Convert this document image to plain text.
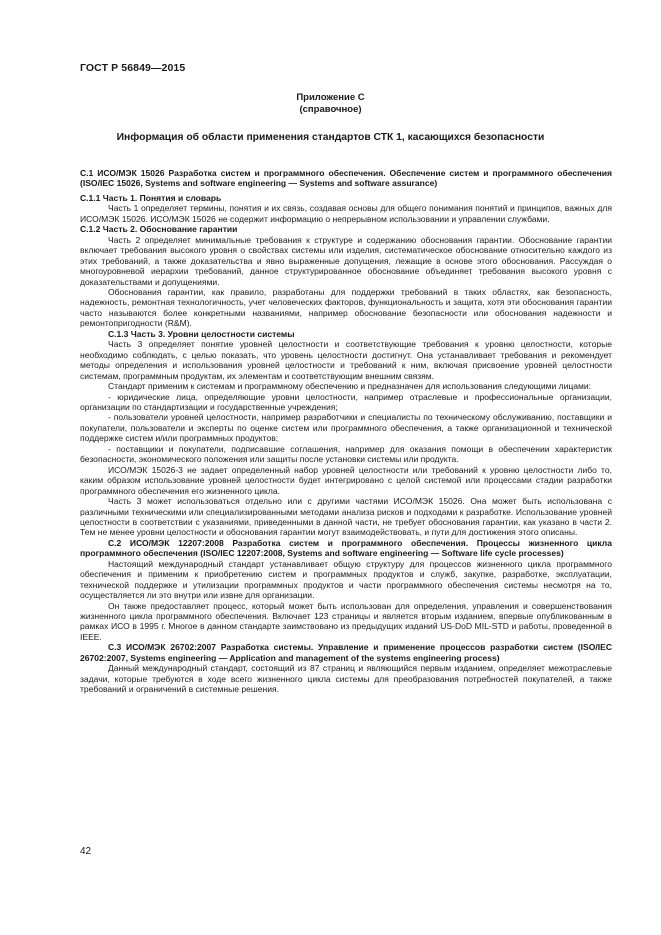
ГОСТ Р 56849—2015
Приложение С
(справочное)
Информация об области применения стандартов СТК 1, касающихся безопасности

C.1 ИСО/МЭК 15026 Разработка систем и программного обеспечения. Обеспечение систем и программного обеспечения (ISO/IEC 15026, Systems and software engineering — Systems and software assurance)

C.1.1 Часть 1. Понятия и словарь

Часть 1 определяет термины, понятия и их связь, создавая основы для общего понимания понятий и принципов, важных для ИСО/МЭК 15026. ИСО/МЭК 15026 не содержит информацию о непрерывном использовании и управлении службами.

C.1.2 Часть 2. Обоснование гарантии

Часть 2 определяет минимальные требования к структуре и содержанию обоснования гарантии. Обоснование гарантии включает требования высокого уровня о свойствах системы или изделия, систематическое обоснование относительно каждого из этих требований, а также доказательства и явно выраженные допущения, лежащие в основе этого обоснования. Рассуждая о многоуровневой иерархии требований, данное структурированное обоснование объединяет требования высокого уровня с доказательствами и допущениями.

Обоснования гарантии, как правило, разработаны для поддержки требований в таких областях, как безопасность, надежность, ремонтная технологичность, учет человеческих факторов, функциональность и защита, хотя эти обоснования гарантии часто называются более конкретными названиями, например обоснование безопасности или обоснования надежности и ремонтопригодности (R&M).

C.1.3 Часть 3. Уровни целостности системы

Часть 3 определяет понятие уровней целостности и соответствующие требования к уровню целостности, которые необходимо соблюдать, с целью показать, что уровень целостности достигнут. Она устанавливает требования и рекомендует методы определения и использования уровней целостности и требований к ним, включая присвоение уровней целостности системам, программным продуктам, их элементам и соответствующим внешним связям.

Стандарт применим к системам и программному обеспечению и предназначен для использования следующими лицами:

- юридические лица, определяющие уровни целостности, например отраслевые и профессиональные организации, организации по стандартизации и государственные учреждения;

- пользователи уровней целостности, например разработчики и специалисты по техническому обслуживанию, поставщики и покупатели, пользователи и эксперты по оценке систем или программного обеспечения, а также организационной и технической поддержке систем и/или программных продуктов;

- поставщики и покупатели, подписавшие соглашения, например для оказания помощи в обеспечении характеристик безопасности, экономического положения или защиты после установки системы или продукта.

ИСО/МЭК 15026-3 не задает определенный набор уровней целостности или требований к уровню целостности либо то, каким образом использование уровней целостности будет интегрировано с целой системой или процессами стадии разработки программного обеспечения его жизненного цикла.

Часть 3 может использоваться отдельно или с другими частями ИСО/МЭК 15026. Она может быть использована с различными техническими или специализированными методами анализа рисков и подходами к разработке. Использование уровней целостности в соответствии с указаниями, приведенными в данной части, не требует обоснования гарантии, как указано в части 2. Тем не менее уровни целостности и обоснования гарантии могут взаимодействовать, и пути для достижения этого описаны.

C.2 ИСО/МЭК 12207:2008 Разработка систем и программного обеспечения. Процессы жизненного цикла программного обеспечения (ISO/IEC 12207:2008, Systems and software engineering — Software life cycle processes)

Настоящий международный стандарт устанавливает общую структуру для процессов жизненного цикла программного обеспечения и применим к приобретению систем и программных продуктов и служб, закупке, разработке, эксплуатации, технической поддержке и утилизации программных продуктов и части программного обеспечения системы несмотря на то, осуществляется ли это внутри или извне для организации.

Он также предоставляет процесс, который может быть использован для определения, управления и совершенствования жизненного цикла программного обеспечения. Включает 123 страницы и является вторым изданием, впервые опубликованным в рамках ИСО в 1995 г. Многое в данном стандарте заимствовано из предыдущих изданий US-DoD MIL-STD и работы, проведенной в IEEE.

C.3 ИСО/МЭК 26702:2007 Разработка системы. Управление и применение процессов разработки систем (ISO/IEC 26702:2007, Systems engineering — Application and management of the systems engineering process)

Данный международный стандарт, состоящий из 87 страниц и являющийся первым изданием, определяет межотраслевые задачи, которые требуются в ходе всего жизненного цикла системы для преобразования потребностей покупателей, а также требований и ограничений в системные решения.

42
